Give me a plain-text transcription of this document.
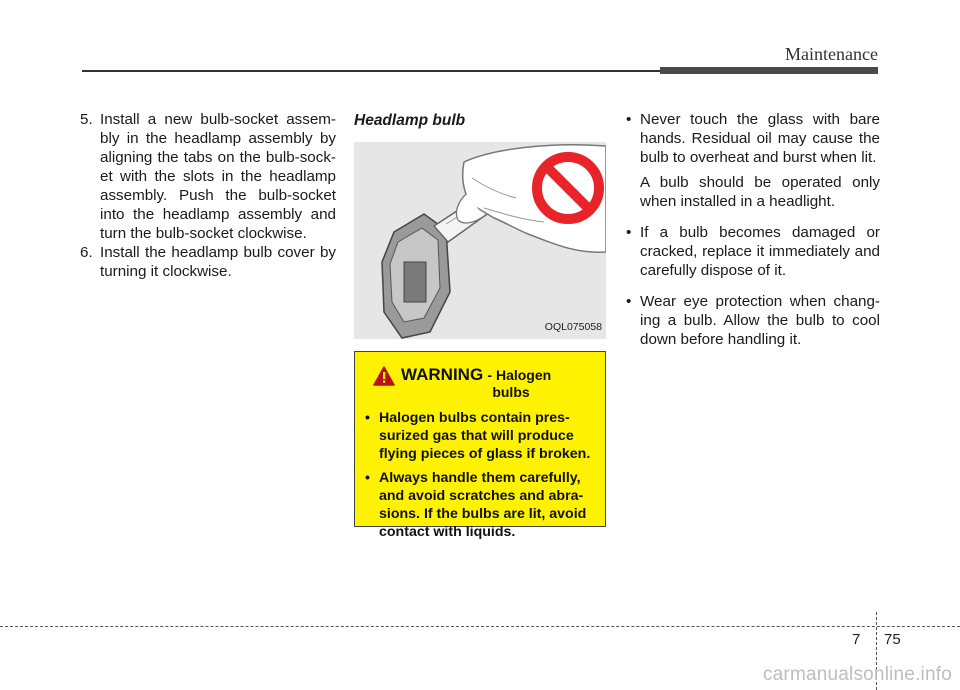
Maintenance
5. Install a new bulb-socket assem-bly in the headlamp assembly by aligning the tabs on the bulb-sock-et with the slots in the headlamp assembly. Push the bulb-socket into the headlamp assembly and turn the bulb-socket clockwise.
6. Install the headlamp bulb cover by turning it clockwise.
Headlamp bulb
OQL075058
WARNING - Halogen
bulbs
• Halogen bulbs contain pres-surized gas that will produce flying pieces of glass if broken.
• Always handle them carefully, and avoid scratches and abra-sions. If the bulbs are lit, avoid contact with liquids.
• Never touch the glass with bare hands. Residual oil may cause the bulb to overheat and burst when lit.

A bulb should be operated only when installed in a headlight.

• If a bulb becomes damaged or cracked, replace it immediately and carefully dispose of it.

• Wear eye protection when chang-ing a bulb. Allow the bulb to cool down before handling it.

7 75
carmanualsonline.info
